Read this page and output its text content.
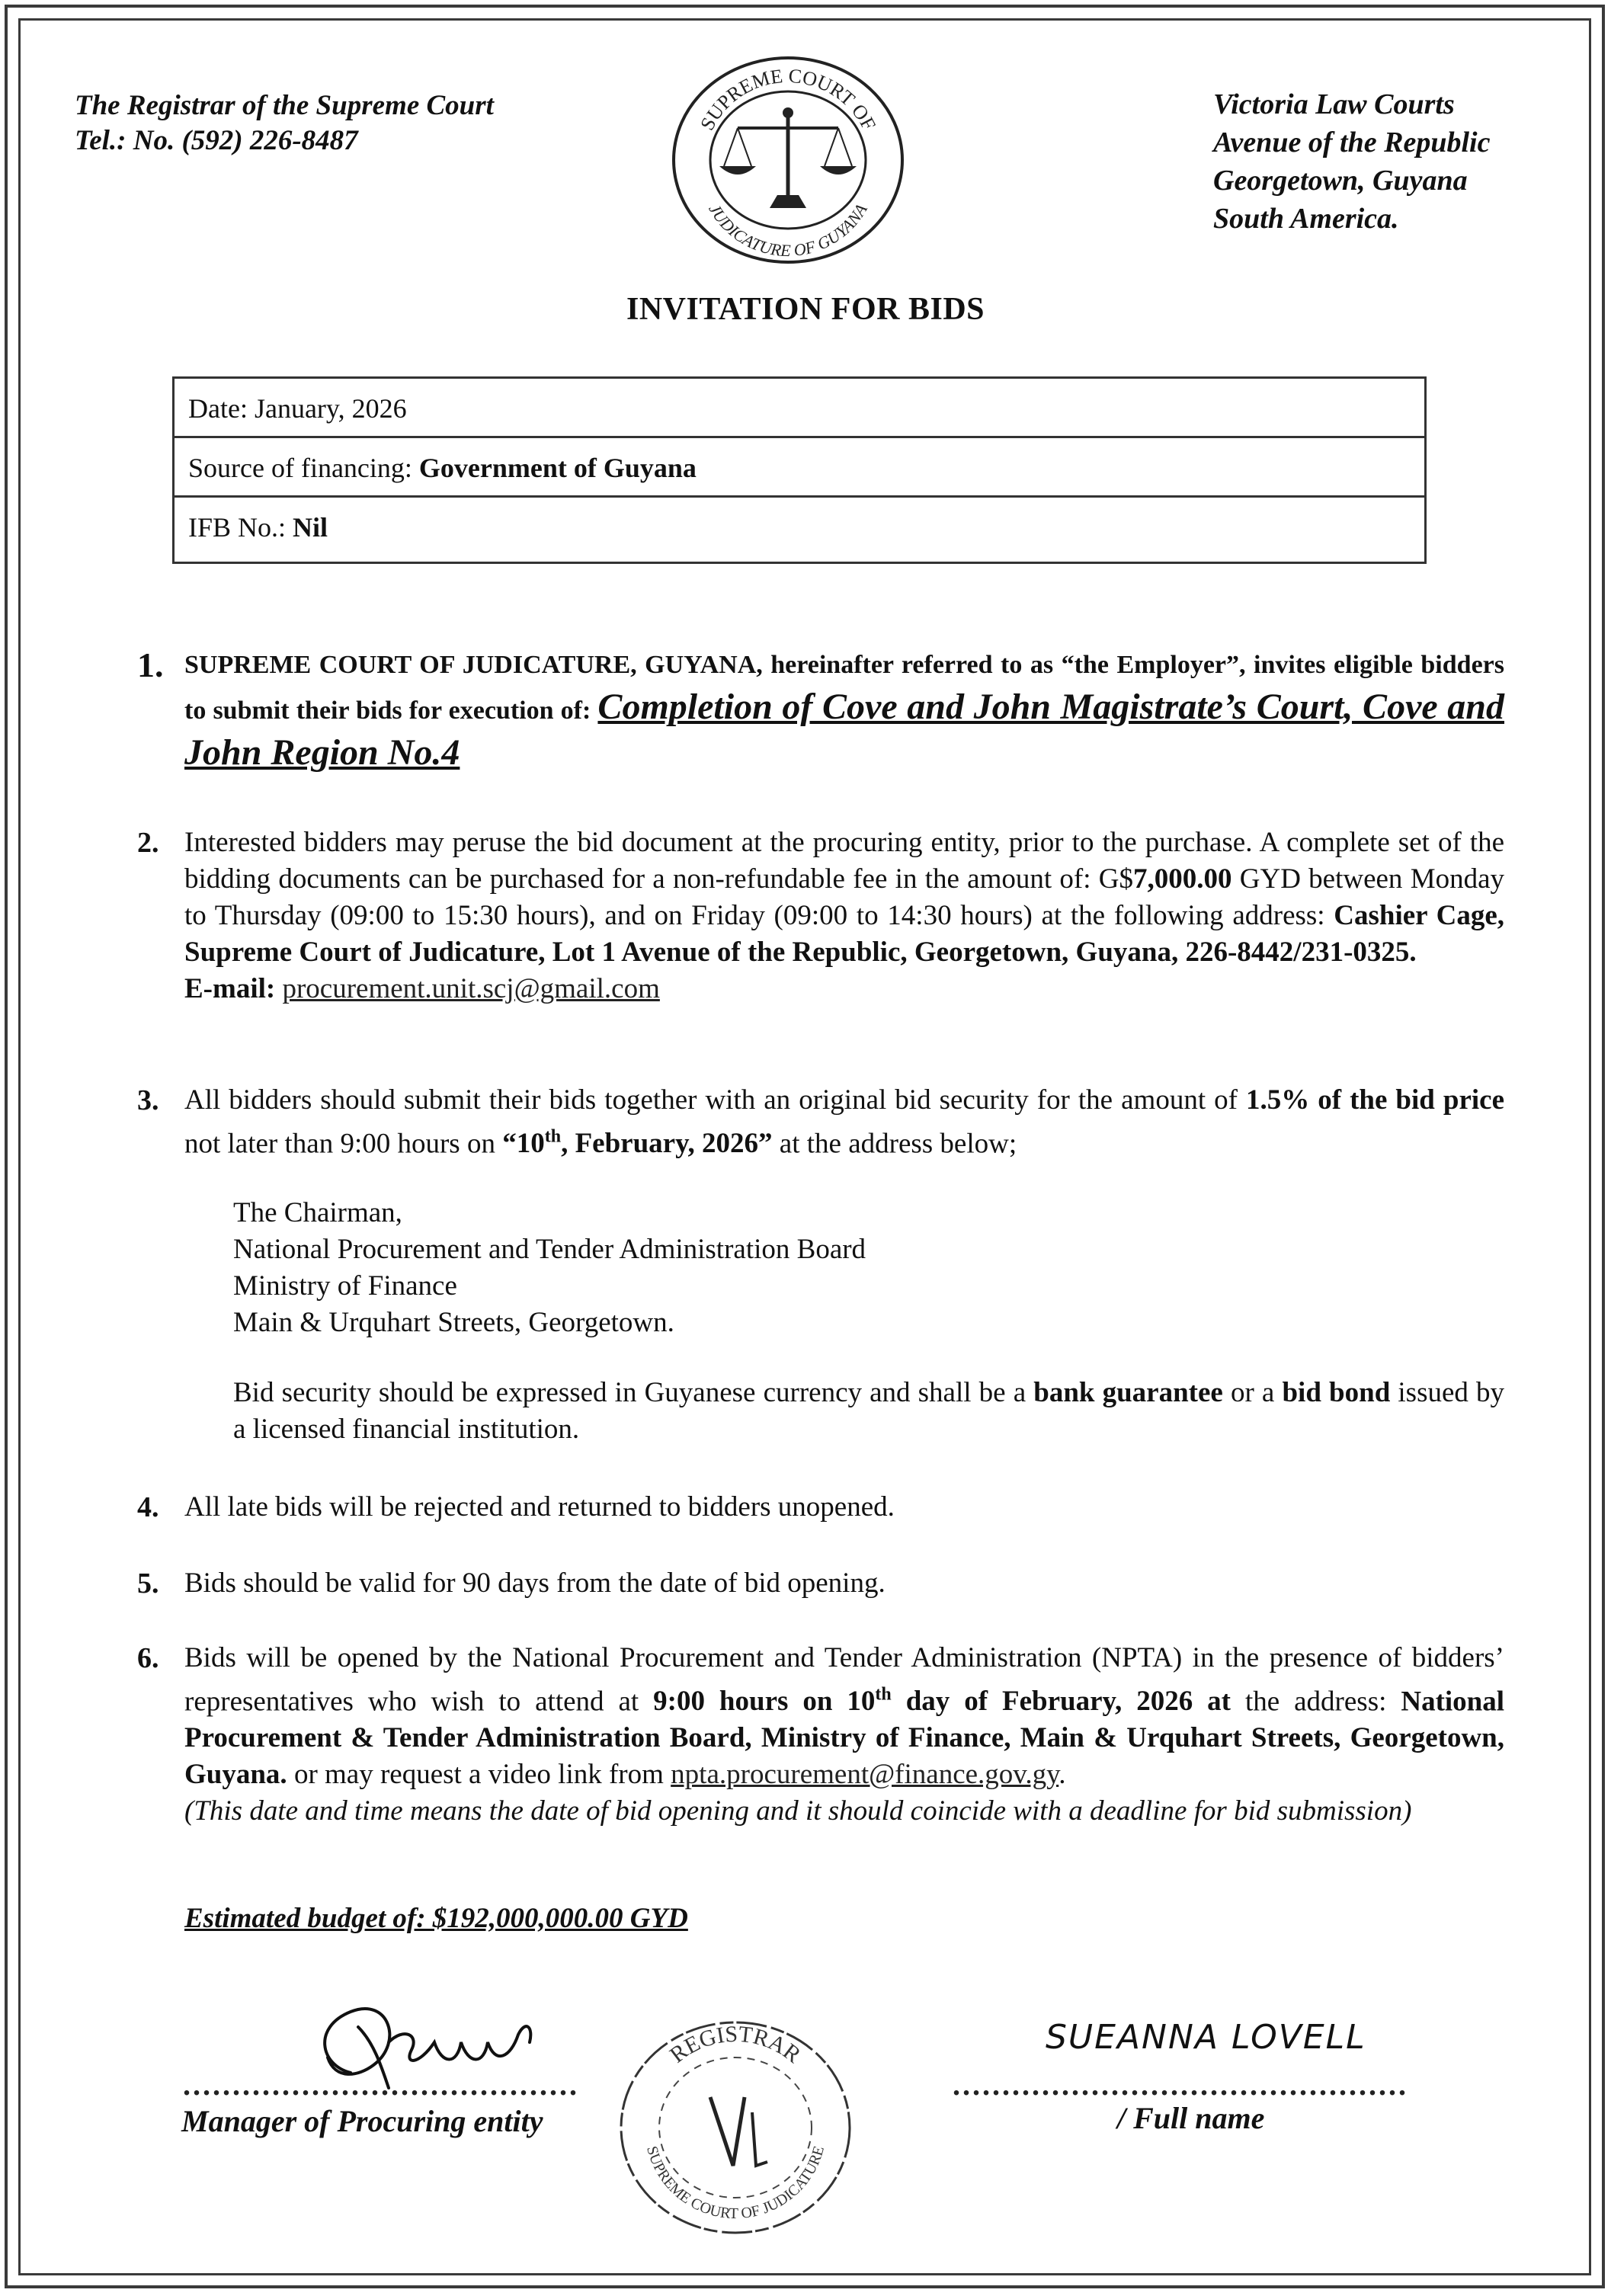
The Registrar of the Supreme Court
Tel.: No. (592) 226-8487
SUPREME COURT OF
JUDICATURE OF GUYANA
Victoria Law Courts
Avenue of the Republic
Georgetown, Guyana
South America.
INVITATION FOR BIDS
Date: January, 2026
Source of financing: Government of Guyana
IFB No.: Nil
1. SUPREME COURT OF JUDICATURE, GUYANA, hereinafter referred to as “the Employer”, invites eligible bidders to submit their bids for execution of: Completion of Cove and John Magistrate’s Court, Cove and John Region No.4
2. Interested bidders may peruse the bid document at the procuring entity, prior to the purchase. A complete set of the bidding documents can be purchased for a non-refundable fee in the amount of: G$7,000.00 GYD between Monday to Thursday (09:00 to 15:30 hours), and on Friday (09:00 to 14:30 hours) at the following address: Cashier Cage, Supreme Court of Judicature, Lot 1 Avenue of the Republic, Georgetown, Guyana, 226-8442/231-0325.
E-mail: procurement.unit.scj@gmail.com
3. All bidders should submit their bids together with an original bid security for the amount of 1.5% of the bid price not later than 9:00 hours on “10th, February, 2026” at the address below;
The Chairman,
National Procurement and Tender Administration Board
Ministry of Finance
Main & Urquhart Streets, Georgetown.
Bid security should be expressed in Guyanese currency and shall be a bank guarantee or a bid bond issued by a licensed financial institution.
4. All late bids will be rejected and returned to bidders unopened.
5. Bids should be valid for 90 days from the date of bid opening.
6. Bids will be opened by the National Procurement and Tender Administration (NPTA) in the presence of bidders’ representatives who wish to attend at 9:00 hours on 10th day of February, 2026 at the address: National Procurement & Tender Administration Board, Ministry of Finance, Main & Urquhart Streets, Georgetown, Guyana. or may request a video link from npta.procurement@finance.gov.gy.
(This date and time means the date of bid opening and it should coincide with a deadline for bid submission)
Estimated budget of: $192,000,000.00 GYD
........................................
Manager of Procuring entity
REGISTRAR
SUPREME COURT OF JUDICATURE
SUEANNA LOVELL
..............................................
/ Full name
